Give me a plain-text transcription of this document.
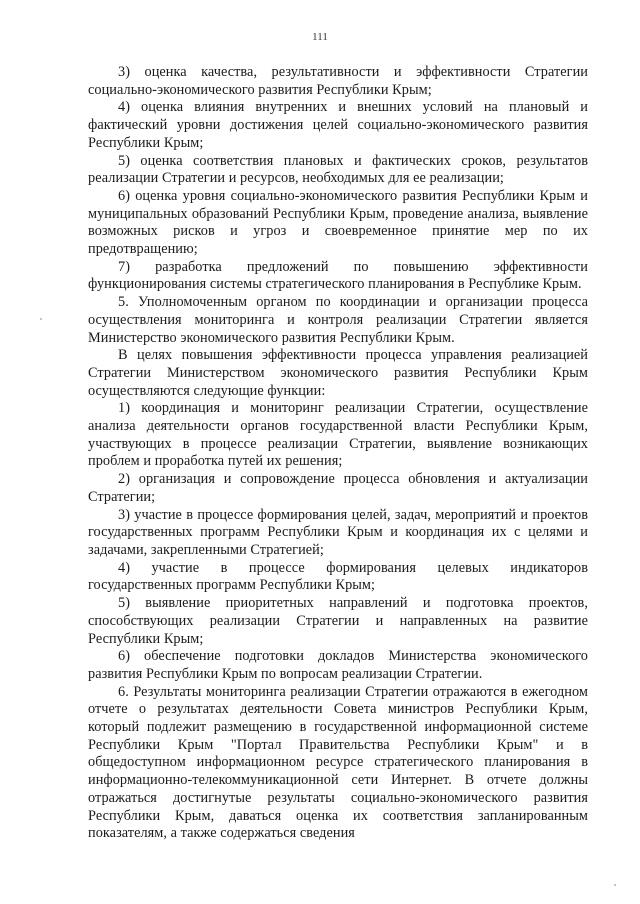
111

3) оценка качества, результативности и эффективности Стратегии социально-экономического развития Республики Крым;

4) оценка влияния внутренних и внешних условий на плановый и фактический уровни достижения целей социально-экономического развития Республики Крым;

5) оценка соответствия плановых и фактических сроков, результатов реализации Стратегии и ресурсов, необходимых для ее реализации;

6) оценка уровня социально-экономического развития Республики Крым и муниципальных образований Республики Крым, проведение анализа, выявление возможных рисков и угроз и своевременное принятие мер по их предотвращению;

7) разработка предложений по повышению эффективности функционирования системы стратегического планирования в Республике Крым.

5. Уполномоченным органом по координации и организации процесса осуществления мониторинга и контроля реализации Стратегии является Министерство экономического развития Республики Крым.

В целях повышения эффективности процесса управления реализацией Стратегии Министерством экономического развития Республики Крым осуществляются следующие функции:

1) координация и мониторинг реализации Стратегии, осуществление анализа деятельности органов государственной власти Республики Крым, участвующих в процессе реализации Стратегии, выявление возникающих проблем и проработка путей их решения;

2) организация и сопровождение процесса обновления и актуализации Стратегии;

3) участие в процессе формирования целей, задач, мероприятий и проектов государственных программ Республики Крым и координация их с целями и задачами, закрепленными Стратегией;

4) участие в процессе формирования целевых индикаторов государственных программ Республики Крым;

5) выявление приоритетных направлений и подготовка проектов, способствующих реализации Стратегии и направленных на развитие Республики Крым;

6) обеспечение подготовки докладов Министерства экономического развития Республики Крым по вопросам реализации Стратегии.

6. Результаты мониторинга реализации Стратегии отражаются в ежегодном отчете о результатах деятельности Совета министров Республики Крым, который подлежит размещению в государственной информационной системе Республики Крым "Портал Правительства Республики Крым" и в общедоступном информационном ресурсе стратегического планирования в информационно-телекоммуникационной сети Интернет. В отчете должны отражаться достигнутые результаты социально-экономического развития Республики Крым, даваться оценка их соответствия запланированным показателям, а также содержаться сведения
